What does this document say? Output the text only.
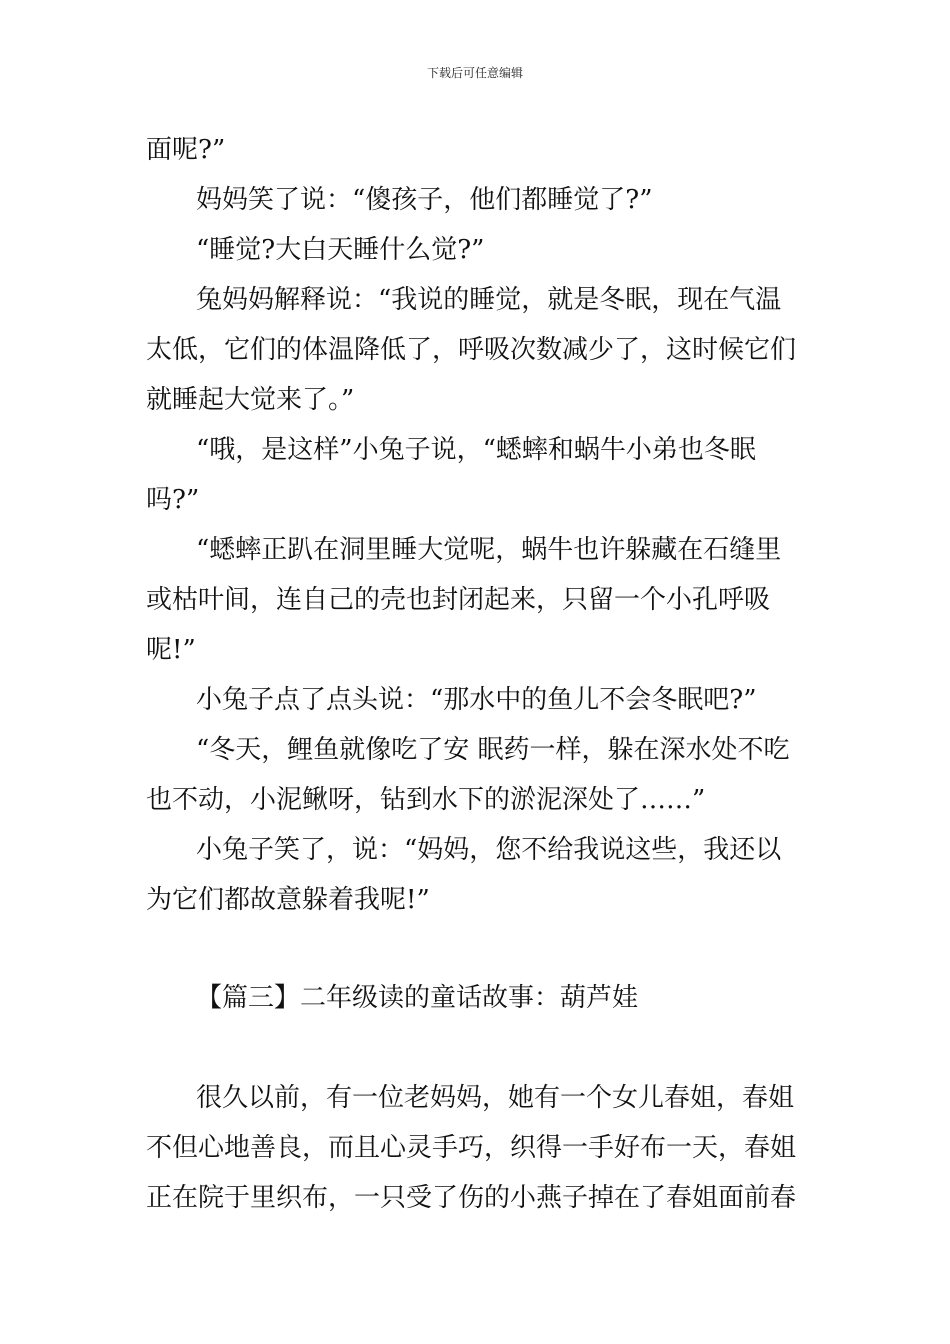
下载后可任意编辑
面呢?”
妈妈笑了说：“傻孩子，他们都睡觉了?”
“睡觉?大白天睡什么觉?”
兔妈妈解释说：“我说的睡觉，就是冬眠，现在气温
太低，它们的体温降低了，呼吸次数减少了，这时候它们
就睡起大觉来了。”
“哦，是这样”小兔子说，“蟋蟀和蜗牛小弟也冬眠
吗?”
“蟋蟀正趴在洞里睡大觉呢，蜗牛也许躲藏在石缝里
或枯叶间，连自己的壳也封闭起来，只留一个小孔呼吸
呢!”
小兔子点了点头说：“那水中的鱼儿不会冬眠吧?”
“冬天，鲤鱼就像吃了安 眠药一样，躲在深水处不吃
也不动，小泥鳅呀，钻到水下的淤泥深处了……”
小兔子笑了，说：“妈妈，您不给我说这些，我还以
为它们都故意躲着我呢!”
【篇三】二年级读的童话故事：葫芦娃
很久以前，有一位老妈妈，她有一个女儿春姐，春姐
不但心地善良，而且心灵手巧，织得一手好布一天，春姐
正在院于里织布，一只受了伤的小燕子掉在了春姐面前春
